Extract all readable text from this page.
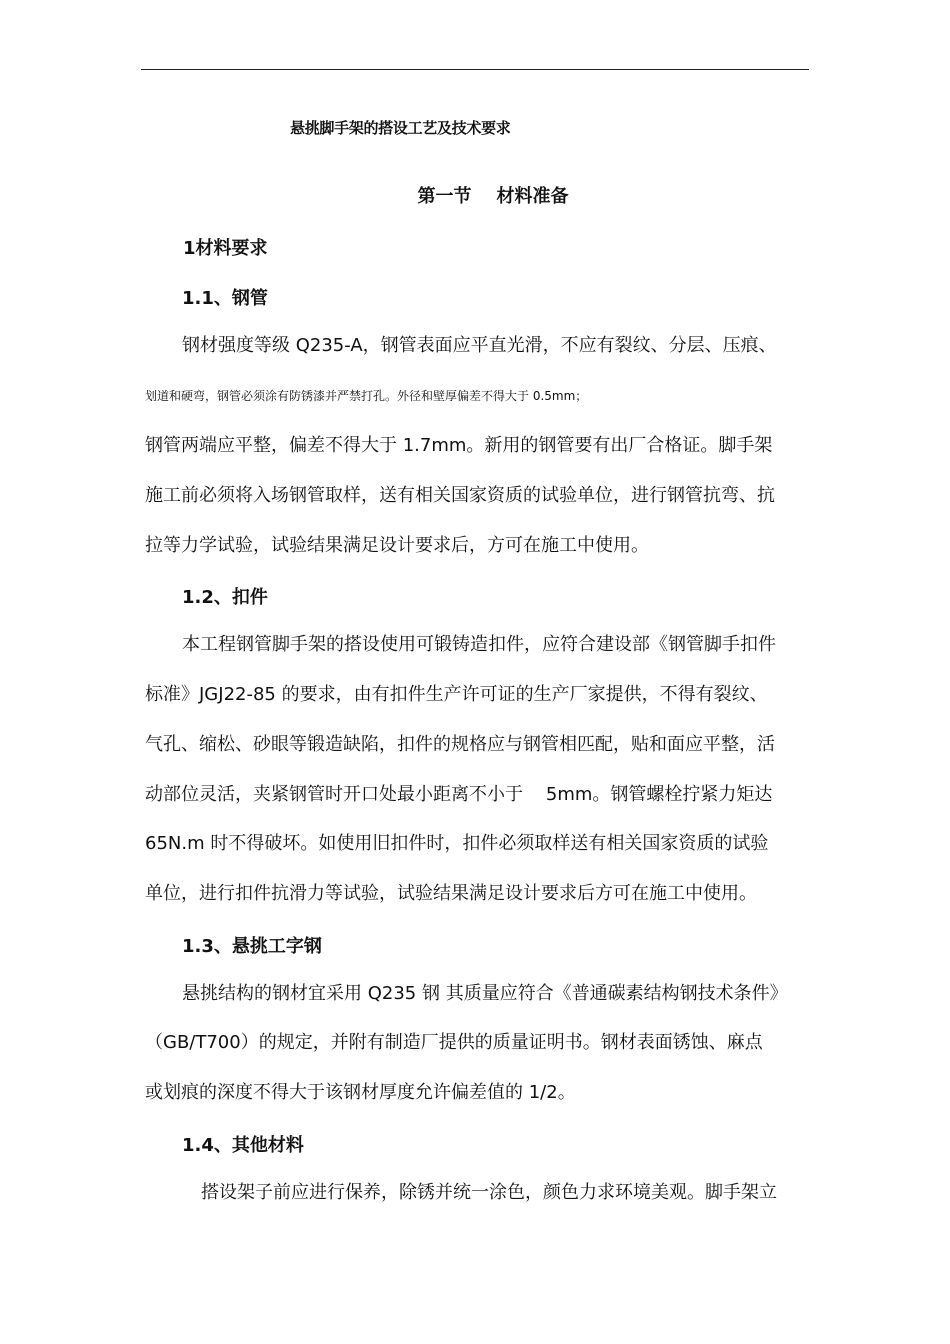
悬挑脚手架的搭设工艺及技术要求
第一节    材料准备
1材料要求
1.1、钢管
钢材强度等级 Q235-A，钢管表面应平直光滑，不应有裂纹、分层、压痕、
划道和硬弯，钢管必须涂有防锈漆并严禁打孔。外径和壁厚偏差不得大于 0.5mm；
钢管两端应平整，偏差不得大于 1.7mm。新用的钢管要有出厂合格证。脚手架
施工前必须将入场钢管取样，送有相关国家资质的试验单位，进行钢管抗弯、抗
拉等力学试验，试验结果满足设计要求后，方可在施工中使用。
1.2、扣件
本工程钢管脚手架的搭设使用可锻铸造扣件，应符合建设部《钢管脚手扣件
标准》JGJ22-85 的要求，由有扣件生产许可证的生产厂家提供，不得有裂纹、
气孔、缩松、砂眼等锻造缺陷，扣件的规格应与钢管相匹配，贴和面应平整，活
动部位灵活，夹紧钢管时开口处最小距离不小于    5mm。钢管螺栓拧紧力矩达
65N.m 时不得破坏。如使用旧扣件时，扣件必须取样送有相关国家资质的试验
单位，进行扣件抗滑力等试验，试验结果满足设计要求后方可在施工中使用。
1.3、悬挑工字钢
悬挑结构的钢材宜采用 Q235 钢 其质量应符合《普通碳素结构钢技术条件》
（GB/T700）的规定，并附有制造厂提供的质量证明书。钢材表面锈蚀、麻点
或划痕的深度不得大于该钢材厚度允许偏差值的 1/2。
1.4、其他材料
搭设架子前应进行保养，除锈并统一涂色，颜色力求环境美观。脚手架立
